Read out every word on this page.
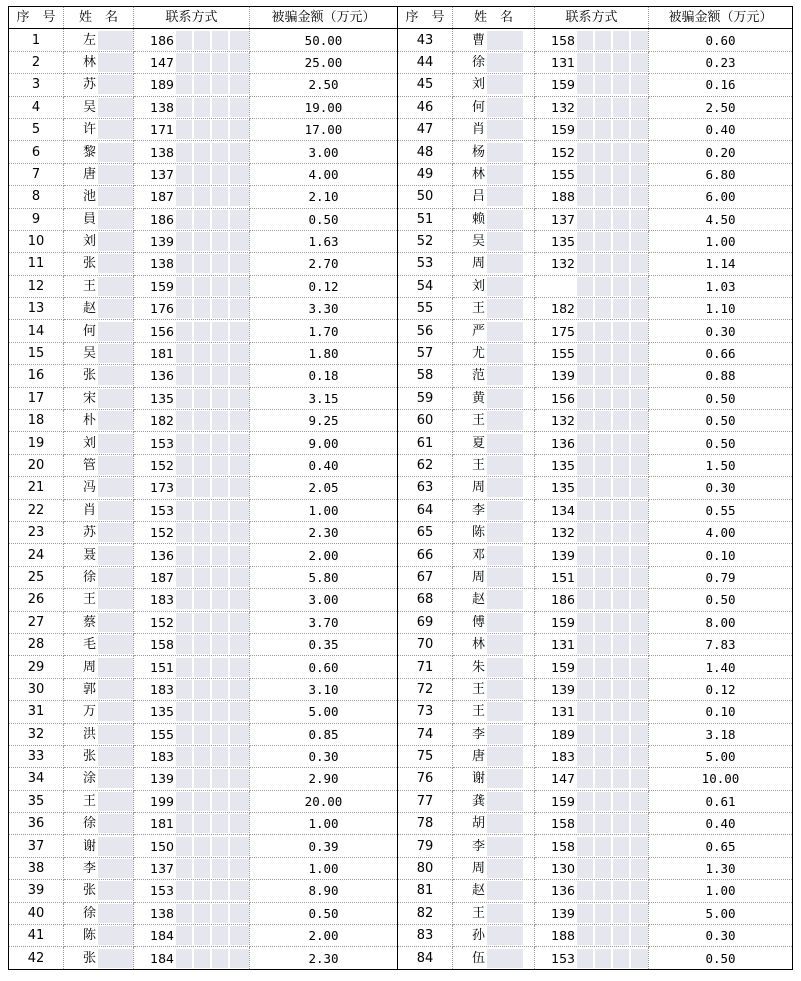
序　号	姓　名	联系方式	被骗金额（万元）	序　号	姓　名	联系方式	被骗金额（万元）
1	左	186	50.00	43	曹	158	0.60
2	林	147	25.00	44	徐	131	0.23
3	苏	189	2.50	45	刘	159	0.16
4	吴	138	19.00	46	何	132	2.50
5	许	171	17.00	47	肖	159	0.40
6	黎	138	3.00	48	杨	152	0.20
7	唐	137	4.00	49	林	155	6.80
8	池	187	2.10	50	吕	188	6.00
9	員	186	0.50	51	赖	137	4.50
10	刘	139	1.63	52	吴	135	1.00
11	张	138	2.70	53	周	132	1.14
12	王	159	0.12	54	刘		1.03
13	赵	176	3.30	55	王	182	1.10
14	何	156	1.70	56	严	175	0.30
15	吴	181	1.80	57	尤	155	0.66
16	张	136	0.18	58	范	139	0.88
17	宋	135	3.15	59	黄	156	0.50
18	朴	182	9.25	60	王	132	0.50
19	刘	153	9.00	61	夏	136	0.50
20	管	152	0.40	62	王	135	1.50
21	冯	173	2.05	63	周	135	0.30
22	肖	153	1.00	64	李	134	0.55
23	苏	152	2.30	65	陈	132	4.00
24	聂	136	2.00	66	邓	139	0.10
25	徐	187	5.80	67	周	151	0.79
26	王	183	3.00	68	赵	186	0.50
27	蔡	152	3.70	69	傅	159	8.00
28	毛	158	0.35	70	林	131	7.83
29	周	151	0.60	71	朱	159	1.40
30	郭	183	3.10	72	王	139	0.12
31	万	135	5.00	73	王	131	0.10
32	洪	155	0.85	74	李	189	3.18
33	张	183	0.30	75	唐	183	5.00
34	涂	139	2.90	76	谢	147	10.00
35	王	199	20.00	77	龚	159	0.61
36	徐	181	1.00	78	胡	158	0.40
37	谢	150	0.39	79	李	158	0.65
38	李	137	1.00	80	周	130	1.30
39	张	153	8.90	81	赵	136	1.00
40	徐	138	0.50	82	王	139	5.00
41	陈	184	2.00	83	孙	188	0.30
42	张	184	2.30	84	伍	153	0.50
